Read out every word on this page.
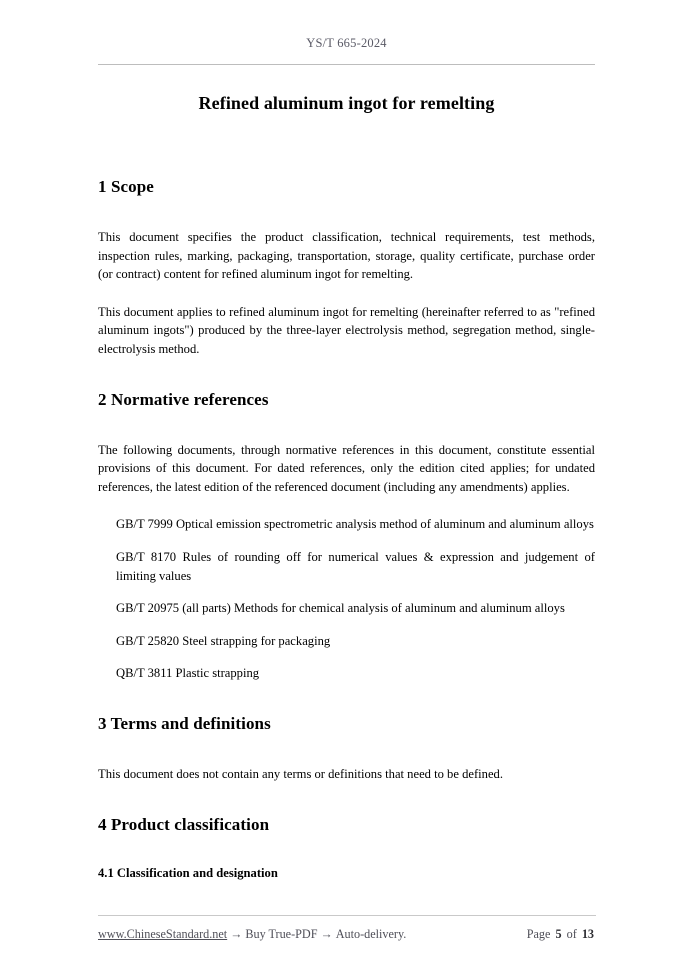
YS/T 665-2024
Refined aluminum ingot for remelting
1 Scope

This document specifies the product classification, technical requirements, test methods, inspection rules, marking, packaging, transportation, storage, quality certificate, purchase order (or contract) content for refined aluminum ingot for remelting.

This document applies to refined aluminum ingot for remelting (hereinafter referred to as "refined aluminum ingots") produced by the three-layer electrolysis method, segregation method, single-electrolysis method.

2 Normative references

The following documents, through normative references in this document, constitute essential provisions of this document. For dated references, only the edition cited applies; for undated references, the latest edition of the referenced document (including any amendments) applies.

GB/T 7999 Optical emission spectrometric analysis method of aluminum and aluminum alloys

GB/T 8170 Rules of rounding off for numerical values & expression and judgement of limiting values

GB/T 20975 (all parts) Methods for chemical analysis of aluminum and aluminum alloys

GB/T 25820 Steel strapping for packaging

QB/T 3811 Plastic strapping

3 Terms and definitions

This document does not contain any terms or definitions that need to be defined.

4 Product classification
4.1 Classification and designation
www.ChineseStandard.net → Buy True-PDF → Auto-delivery.	Page 5 of 13
